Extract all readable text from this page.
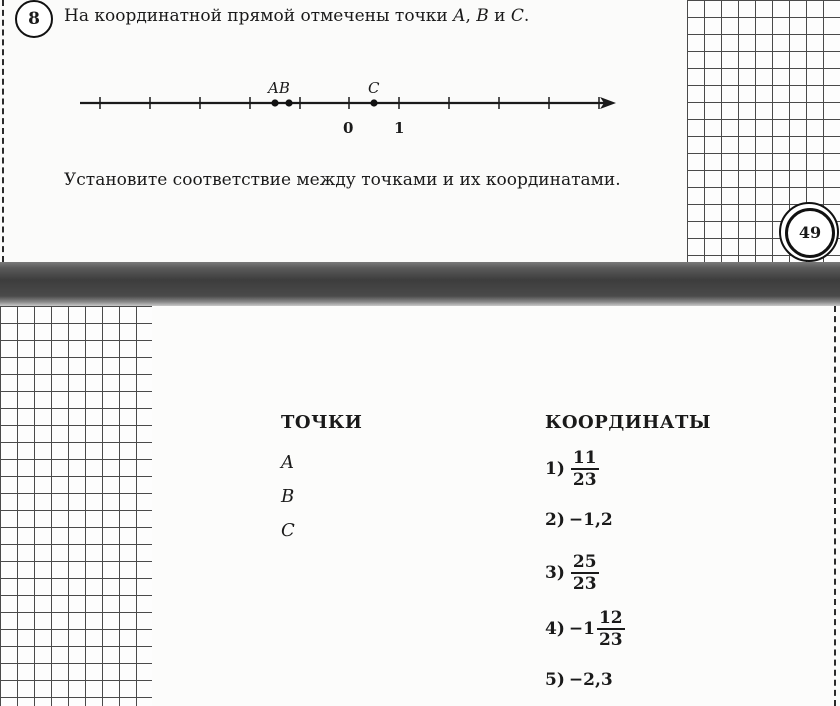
8	На координатной прямой отмечены точки A, B и C.
AB	C
0	1
Установите соответствие между точками и их координатами.
49
ТОЧКИ
A
B
C
КООРДИНАТЫ
$1) \frac{11}{23}$
2) −1,2
$3) \frac{25}{23}$
$4) -1 \frac{12}{23}$
5) −2,3
